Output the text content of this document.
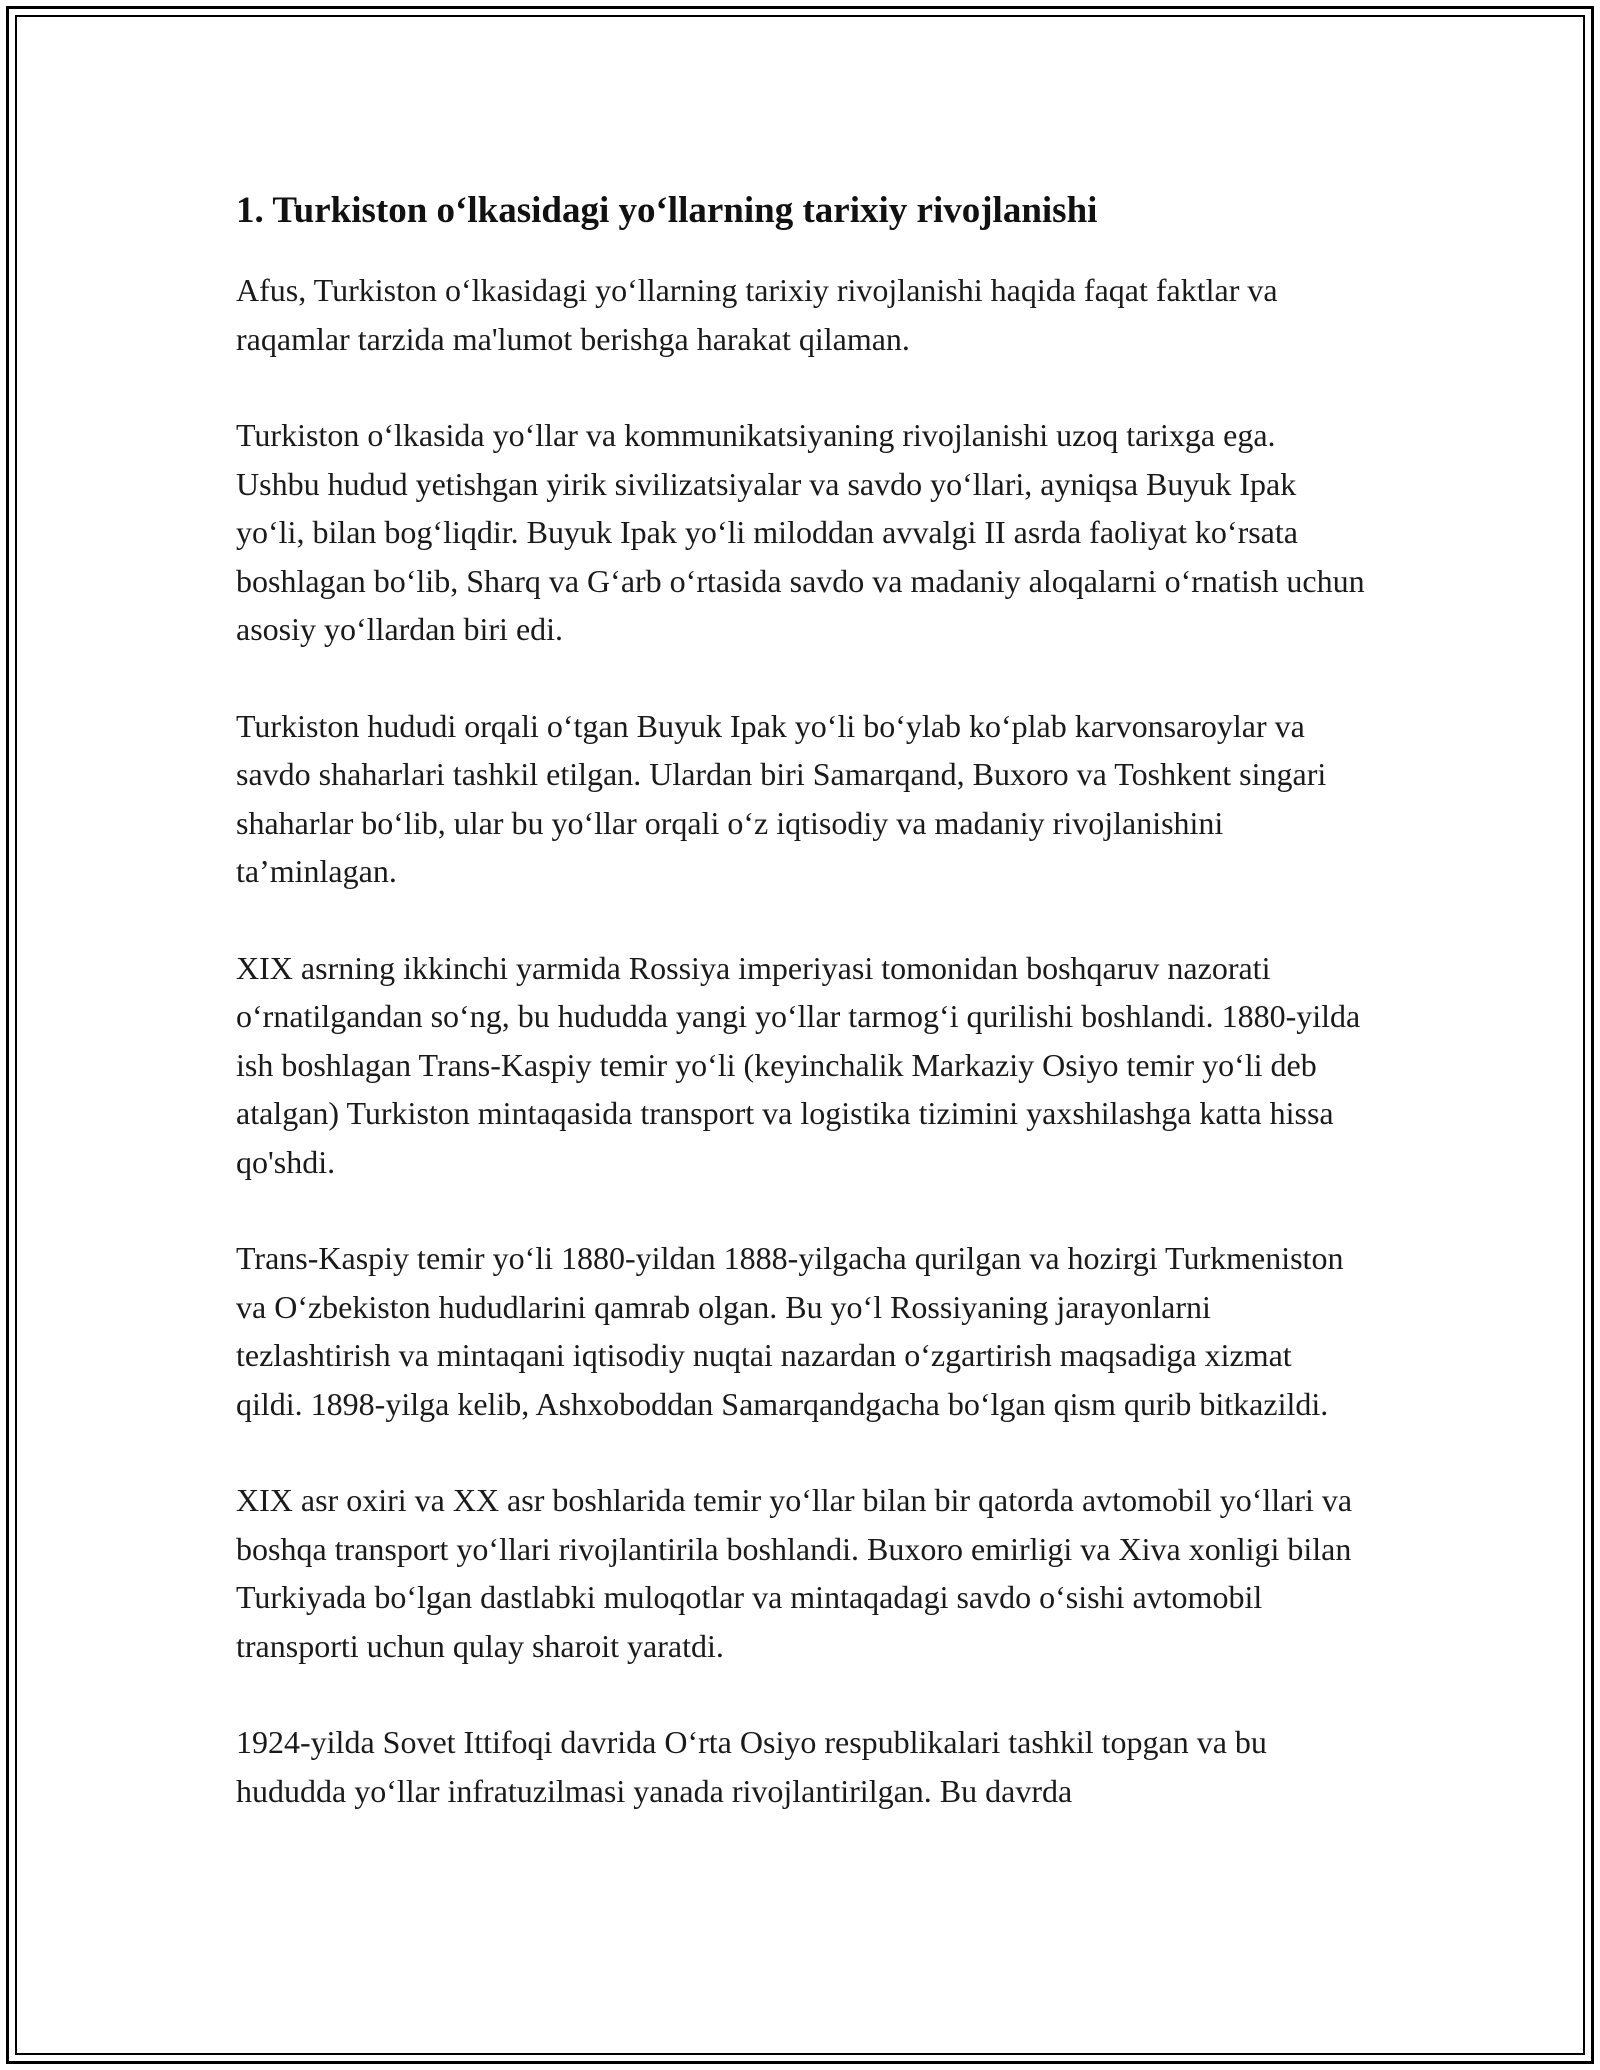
1. Turkiston o‘lkasidagi yo‘llarning tarixiy rivojlanishi

Afus, Turkiston o‘lkasidagi yo‘llarning tarixiy rivojlanishi haqida faqat faktlar va raqamlar tarzida ma'lumot berishga harakat qilaman.

Turkiston o‘lkasida yo‘llar va kommunikatsiyaning rivojlanishi uzoq tarixga ega. Ushbu hudud yetishgan yirik sivilizatsiyalar va savdo yo‘llari, ayniqsa Buyuk Ipak yo‘li, bilan bog‘liqdir. Buyuk Ipak yo‘li miloddan avvalgi II asrda faoliyat ko‘rsata boshlagan bo‘lib, Sharq va G‘arb o‘rtasida savdo va madaniy aloqalarni o‘rnatish uchun asosiy yo‘llardan biri edi.

Turkiston hududi orqali o‘tgan Buyuk Ipak yo‘li bo‘ylab ko‘plab karvonsaroylar va savdo shaharlari tashkil etilgan. Ulardan biri Samarqand, Buxoro va Toshkent singari shaharlar bo‘lib, ular bu yo‘llar orqali o‘z iqtisodiy va madaniy rivojlanishini ta’minlagan.

XIX asrning ikkinchi yarmida Rossiya imperiyasi tomonidan boshqaruv nazorati o‘rnatilgandan so‘ng, bu hududda yangi yo‘llar tarmog‘i qurilishi boshlandi. 1880-yilda ish boshlagan Trans-Kaspiy temir yo‘li (keyinchalik Markaziy Osiyo temir yo‘li deb atalgan) Turkiston mintaqasida transport va logistika tizimini yaxshilashga katta hissa qo'shdi.

Trans-Kaspiy temir yo‘li 1880-yildan 1888-yilgacha qurilgan va hozirgi Turkmeniston va O‘zbekiston hududlarini qamrab olgan. Bu yo‘l Rossiyaning jarayonlarni tezlashtirish va mintaqani iqtisodiy nuqtai nazardan o‘zgartirish maqsadiga xizmat qildi. 1898-yilga kelib, Ashxoboddan Samarqandgacha bo‘lgan qism qurib bitkazildi.

XIX asr oxiri va XX asr boshlarida temir yo‘llar bilan bir qatorda avtomobil yo‘llari va boshqa transport yo‘llari rivojlantirila boshlandi. Buxoro emirligi va Xiva xonligi bilan Turkiyada bo‘lgan dastlabki muloqotlar va mintaqadagi savdo o‘sishi avtomobil transporti uchun qulay sharoit yaratdi.

1924-yilda Sovet Ittifoqi davrida O‘rta Osiyo respublikalari tashkil topgan va bu hududda yo‘llar infratuzilmasi yanada rivojlantirilgan. Bu davrda
